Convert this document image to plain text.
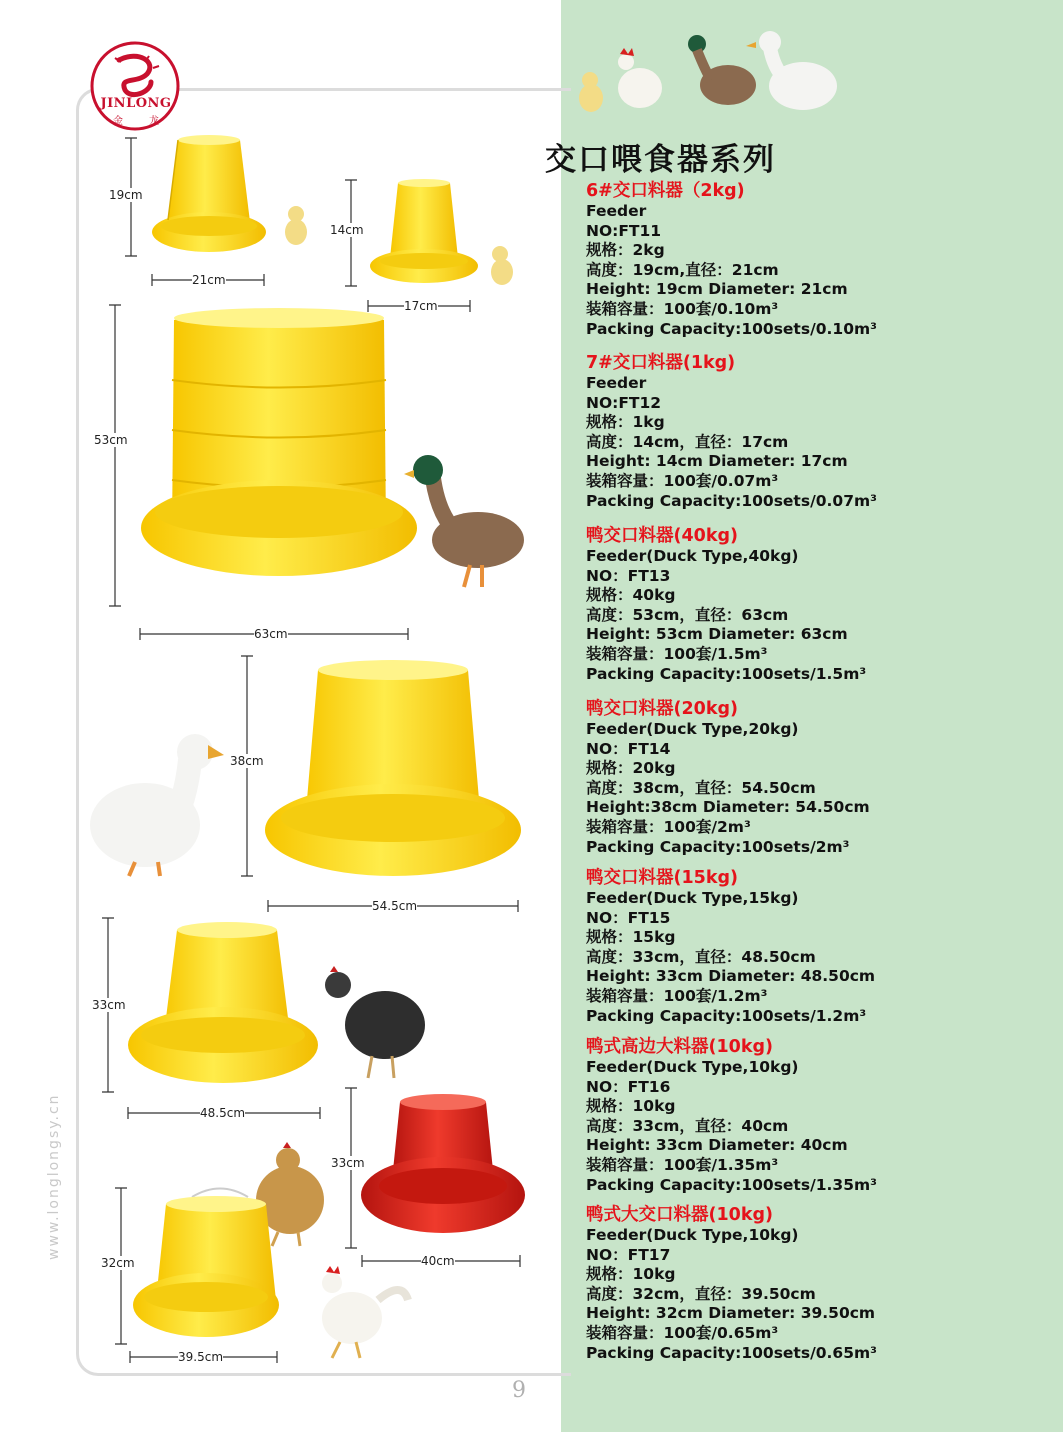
JINLONG
金	龙
www.longlongsy.cn
9
19cm
21cm
14cm
17cm
53cm
63cm
38cm
54.5cm
33cm
48.5cm
33cm
40cm
32cm
39.5cm
交口喂食器系列
6#交口料器（2kg)
Feeder
NO:FT11
规格：2kg
高度：19cm,直径：21cm
Height: 19cm Diameter: 21cm
装箱容量：100套/0.10m³
Packing Capacity:100sets/0.10m³
7#交口料器(1kg)
Feeder
NO:FT12
规格：1kg
高度：14cm，直径：17cm
Height: 14cm Diameter: 17cm
装箱容量：100套/0.07m³
Packing Capacity:100sets/0.07m³
鸭交口料器(40kg)
Feeder(Duck Type,40kg)
NO：FT13
规格：40kg
高度：53cm，直径：63cm
Height: 53cm Diameter: 63cm
装箱容量：100套/1.5m³
Packing Capacity:100sets/1.5m³
鸭交口料器(20kg)
Feeder(Duck Type,20kg)
NO：FT14
规格：20kg
高度：38cm，直径：54.50cm
Height:38cm Diameter: 54.50cm
装箱容量：100套/2m³
Packing Capacity:100sets/2m³
鸭交口料器(15kg)
Feeder(Duck Type,15kg)
NO：FT15
规格：15kg
高度：33cm，直径：48.50cm
Height: 33cm Diameter: 48.50cm
装箱容量：100套/1.2m³
Packing Capacity:100sets/1.2m³
鸭式高边大料器(10kg)
Feeder(Duck Type,10kg)
NO：FT16
规格：10kg
高度：33cm，直径：40cm
Height: 33cm Diameter: 40cm
装箱容量：100套/1.35m³
Packing Capacity:100sets/1.35m³
鸭式大交口料器(10kg)
Feeder(Duck Type,10kg)
NO：FT17
规格：10kg
高度：32cm，直径：39.50cm
Height: 32cm Diameter: 39.50cm
装箱容量：100套/0.65m³
Packing Capacity:100sets/0.65m³
